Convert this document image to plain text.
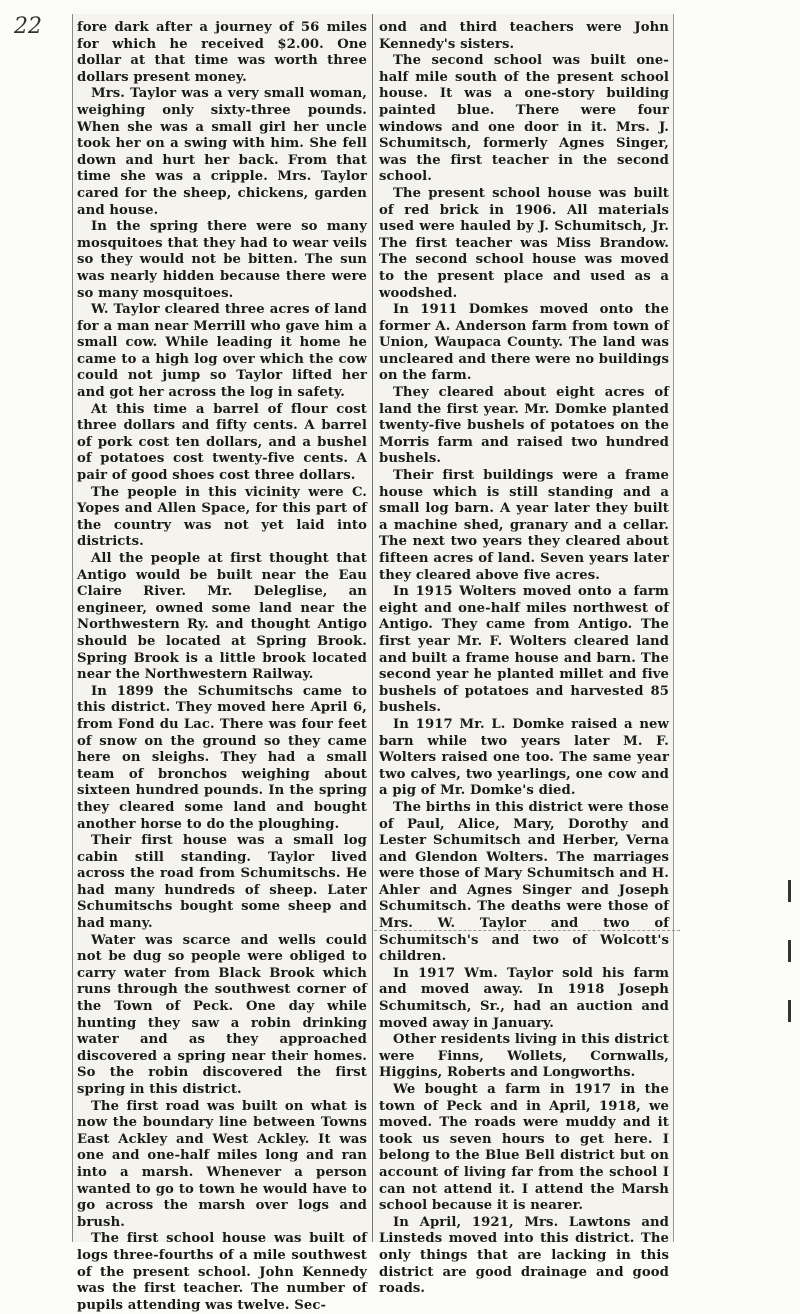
22	fore dark after a journey of 56 miles for which he received $2.00. One dollar at that time was worth three dollars present money.

Mrs. Taylor was a very small woman, weighing only sixty-three pounds. When she was a small girl her uncle took her on a swing with him. She fell down and hurt her back. From that time she was a cripple. Mrs. Taylor cared for the sheep, chickens, garden and house.

In the spring there were so many mosquitoes that they had to wear veils so they would not be bitten. The sun was nearly hidden because there were so many mosquitoes.

W. Taylor cleared three acres of land for a man near Merrill who gave him a small cow. While leading it home he came to a high log over which the cow could not jump so Taylor lifted her and got her across the log in safety.

At this time a barrel of flour cost three dollars and fifty cents. A barrel of pork cost ten dollars, and a bushel of potatoes cost twenty-five cents. A pair of good shoes cost three dollars.

The people in this vicinity were C. Yopes and Allen Space, for this part of the country was not yet laid into districts.

All the people at first thought that Antigo would be built near the Eau Claire River. Mr. Deleglise, an engineer, owned some land near the Northwestern Ry. and thought Antigo should be located at Spring Brook. Spring Brook is a little brook located near the Northwestern Railway.

In 1899 the Schumitschs came to this district. They moved here April 6, from Fond du Lac. There was four feet of snow on the ground so they came here on sleighs. They had a small team of bronchos weighing about sixteen hundred pounds. In the spring they cleared some land and bought another horse to do the ploughing.

Their first house was a small log cabin still standing. Taylor lived across the road from Schumitschs. He had many hundreds of sheep. Later Schumitschs bought some sheep and had many.

Water was scarce and wells could not be dug so people were obliged to carry water from Black Brook which runs through the southwest corner of the Town of Peck. One day while hunting they saw a robin drinking water and as they approached discovered a spring near their homes. So the robin discovered the first spring in this district.

The first road was built on what is now the boundary line between Towns East Ackley and West Ackley. It was one and one-half miles long and ran into a marsh. Whenever a person wanted to go to town he would have to go across the marsh over logs and brush.

The first school house was built of logs three-fourths of a mile southwest of the present school. John Kennedy was the first teacher. The number of pupils attending was twelve. Sec-

ond and third teachers were John Kennedy's sisters.

The second school was built one-half mile south of the present school house. It was a one-story building painted blue. There were four windows and one door in it. Mrs. J. Schumitsch, formerly Agnes Singer, was the first teacher in the second school.

The present school house was built of red brick in 1906. All materials used were hauled by J. Schumitsch, Jr. The first teacher was Miss Brandow. The second school house was moved to the present place and used as a woodshed.

In 1911 Domkes moved onto the former A. Anderson farm from town of Union, Waupaca County. The land was uncleared and there were no buildings on the farm.

They cleared about eight acres of land the first year. Mr. Domke planted twenty-five bushels of potatoes on the Morris farm and raised two hundred bushels.

Their first buildings were a frame house which is still standing and a small log barn. A year later they built a machine shed, granary and a cellar. The next two years they cleared about fifteen acres of land. Seven years later they cleared above five acres.

In 1915 Wolters moved onto a farm eight and one-half miles northwest of Antigo. They came from Antigo. The first year Mr. F. Wolters cleared land and built a frame house and barn. The second year he planted millet and five bushels of potatoes and harvested 85 bushels.

In 1917 Mr. L. Domke raised a new barn while two years later M. F. Wolters raised one too. The same year two calves, two yearlings, one cow and a pig of Mr. Domke's died.

The births in this district were those of Paul, Alice, Mary, Dorothy and Lester Schumitsch and Herber, Verna and Glendon Wolters. The marriages were those of Mary Schumitsch and H. Ahler and Agnes Singer and Joseph Schumitsch. The deaths were those of Mrs. W. Taylor and two of Schumitsch's and two of Wolcott's children.

In 1917 Wm. Taylor sold his farm and moved away. In 1918 Joseph Schumitsch, Sr., had an auction and moved away in January.

Other residents living in this district were Finns, Wollets, Cornwalls, Higgins, Roberts and Longworths.

We bought a farm in 1917 in the town of Peck and in April, 1918, we moved. The roads were muddy and it took us seven hours to get here. I belong to the Blue Bell district but on account of living far from the school I can not attend it. I attend the Marsh school because it is nearer.

In April, 1921, Mrs. Lawtons and Linsteds moved into this district. The only things that are lacking in this district are good drainage and good roads.
